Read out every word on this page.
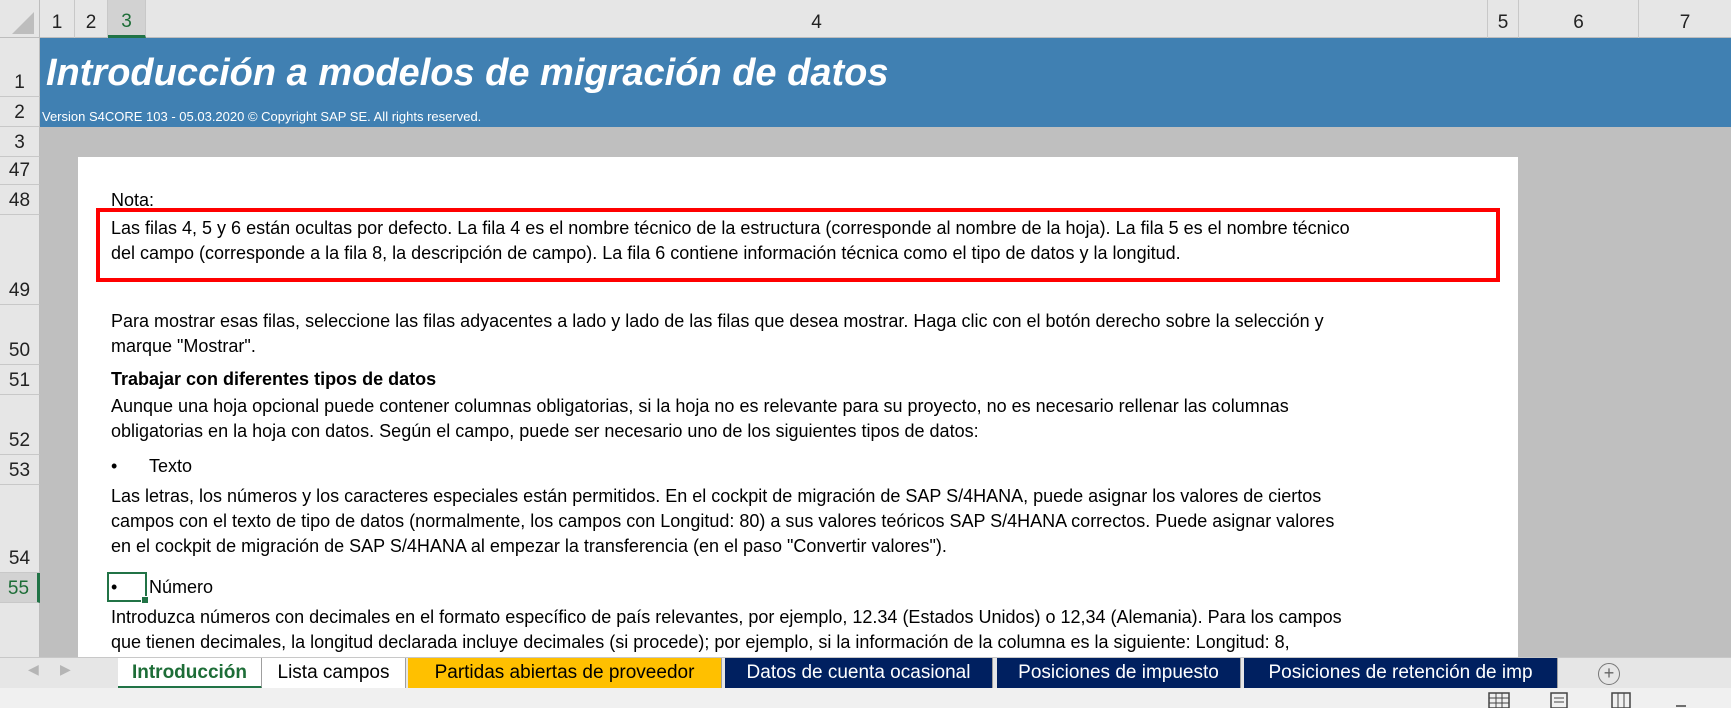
1	2	3	4	5	6	7
1
2
3
47
48
49
50
51
52
53
54
55
Introducción a modelos de migración de datos
Version S4CORE 103 - 05.03.2020 © Copyright SAP SE. All rights reserved.
Nota:
Las filas 4, 5 y 6 están ocultas por defecto. La fila 4 es el nombre técnico de la estructura (corresponde al nombre de la hoja). La fila 5 es el nombre técnico
del campo (corresponde a la fila 8, la descripción de campo). La fila 6 contiene información técnica como el tipo de datos y la longitud.
Para mostrar esas filas, seleccione las filas adyacentes a lado y lado de las filas que desea mostrar. Haga clic con el botón derecho sobre la selección y
marque "Mostrar".
Trabajar con diferentes tipos de datos
Aunque una hoja opcional puede contener columnas obligatorias, si la hoja no es relevante para su proyecto, no es necesario rellenar las columnas
obligatorias en la hoja con datos. Según el campo, puede ser necesario uno de los siguientes tipos de datos:
• Texto
Las letras, los números y los caracteres especiales están permitidos. En el cockpit de migración de SAP S/4HANA, puede asignar los valores de ciertos
campos con el texto de tipo de datos (normalmente, los campos con Longitud: 80) a sus valores teóricos SAP S/4HANA correctos. Puede asignar valores
en el cockpit de migración de SAP S/4HANA al empezar la transferencia (en el paso "Convertir valores").
• Número
Introduzca números con decimales en el formato específico de país relevantes, por ejemplo, 12.34 (Estados Unidos) o 12,34 (Alemania). Para los campos
que tienen decimales, la longitud declarada incluye decimales (si procede); por ejemplo, si la información de la columna es la siguiente: Longitud: 8,
◀ ▶	Introducción	Lista campos	Partidas abiertas de proveedor	Datos de cuenta ocasional	Posiciones de impuesto	Posiciones de retención de imp	+
